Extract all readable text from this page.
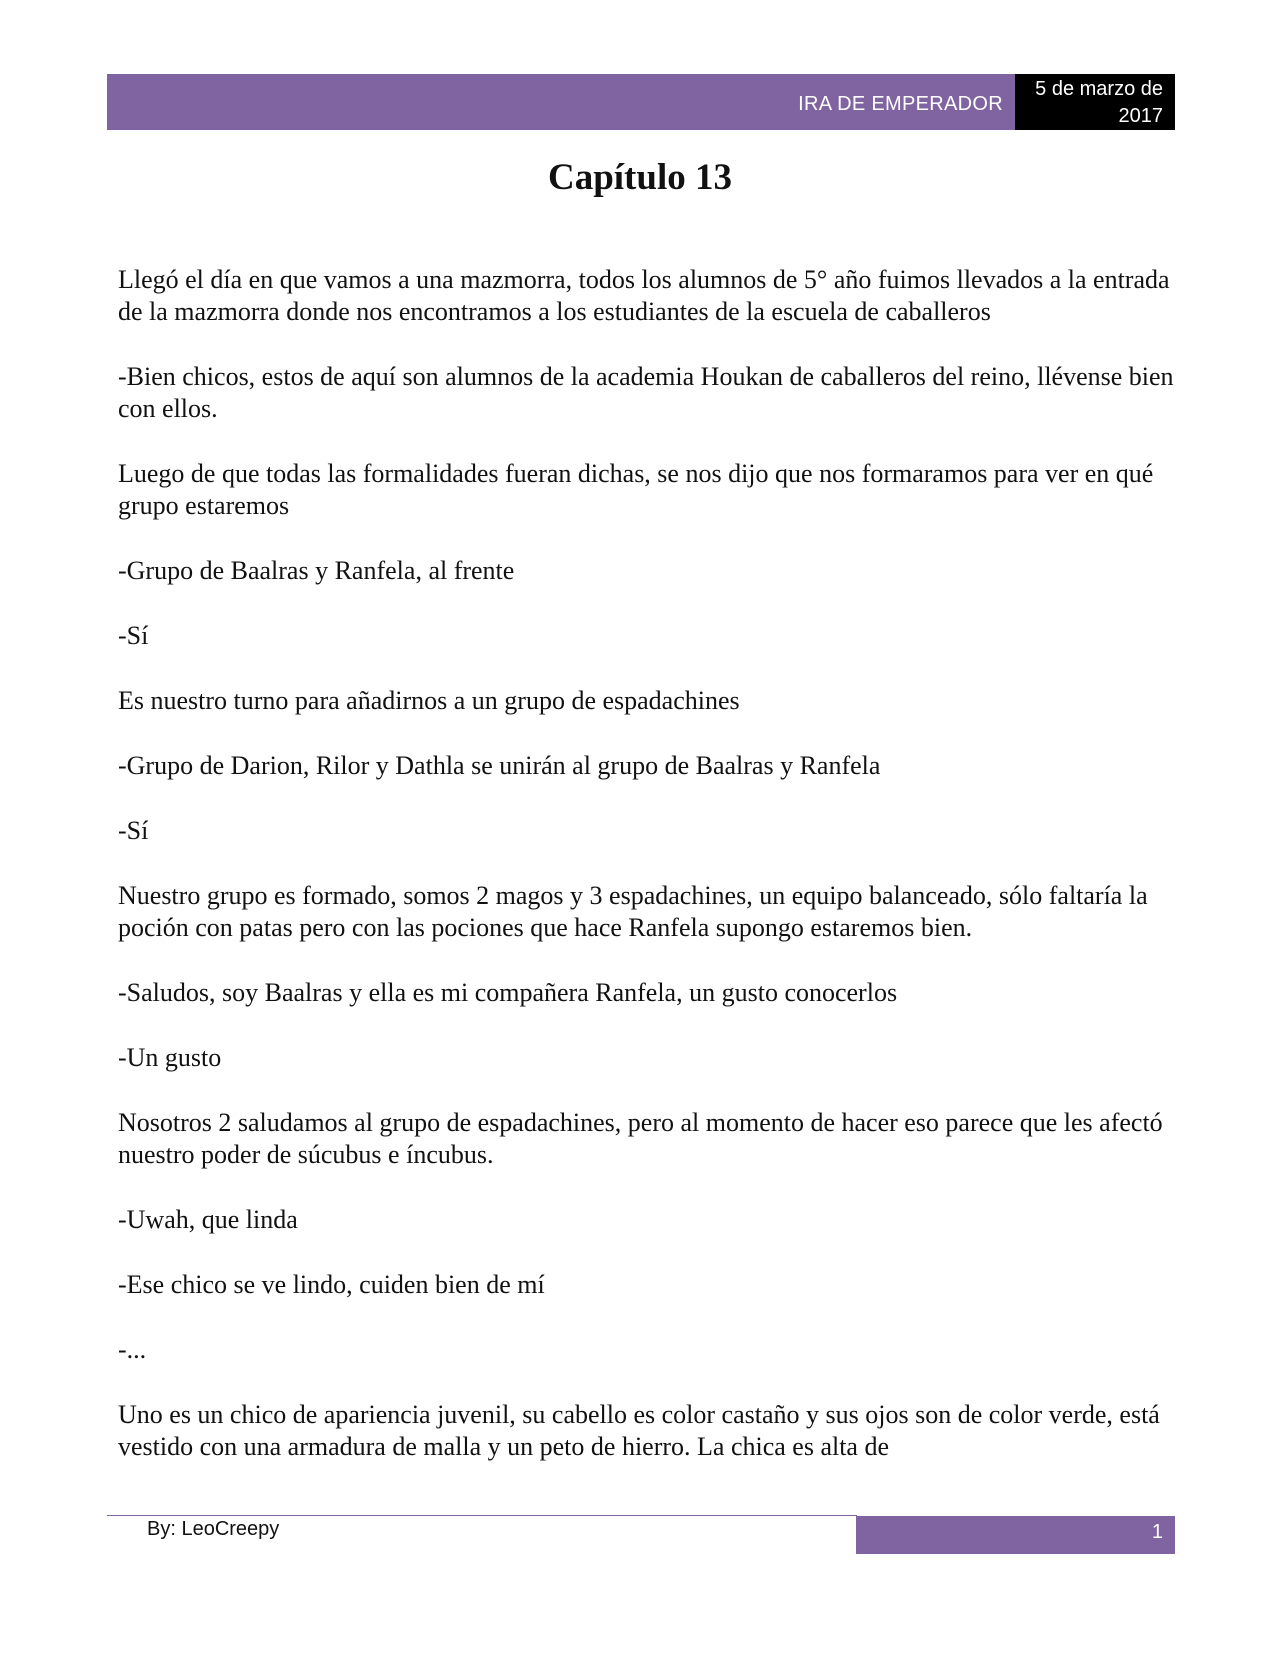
IRA DE EMPERADOR
5 de marzo de
2017
Capítulo 13

Llegó el día en que vamos a una mazmorra, todos los alumnos de 5° año fuimos llevados a la entrada de la mazmorra donde nos encontramos a los estudiantes de la escuela de caballeros

-Bien chicos, estos de aquí son alumnos de la academia Houkan de caballeros del reino, llévense bien con ellos.

Luego de que todas las formalidades fueran dichas, se nos dijo que nos formaramos para ver en qué grupo estaremos

-Grupo de Baalras y Ranfela, al frente

-Sí

Es nuestro turno para añadirnos a un grupo de espadachines

-Grupo de Darion, Rilor y Dathla se unirán al grupo de Baalras y Ranfela

-Sí

Nuestro grupo es formado, somos 2 magos y 3 espadachines, un equipo balanceado, sólo faltaría la poción con patas pero con las pociones que hace Ranfela supongo estaremos bien.

-Saludos, soy Baalras y ella es mi compañera Ranfela, un gusto conocerlos

-Un gusto

Nosotros 2 saludamos al grupo de espadachines, pero al momento de hacer eso parece que les afectó nuestro poder de súcubus e íncubus.

-Uwah, que linda

-Ese chico se ve lindo, cuiden bien de mí

-...

Uno es un chico de apariencia juvenil, su cabello es color castaño y sus ojos son de color verde, está vestido con una armadura de malla y un peto de hierro. La chica es alta de

By: LeoCreepy	1
